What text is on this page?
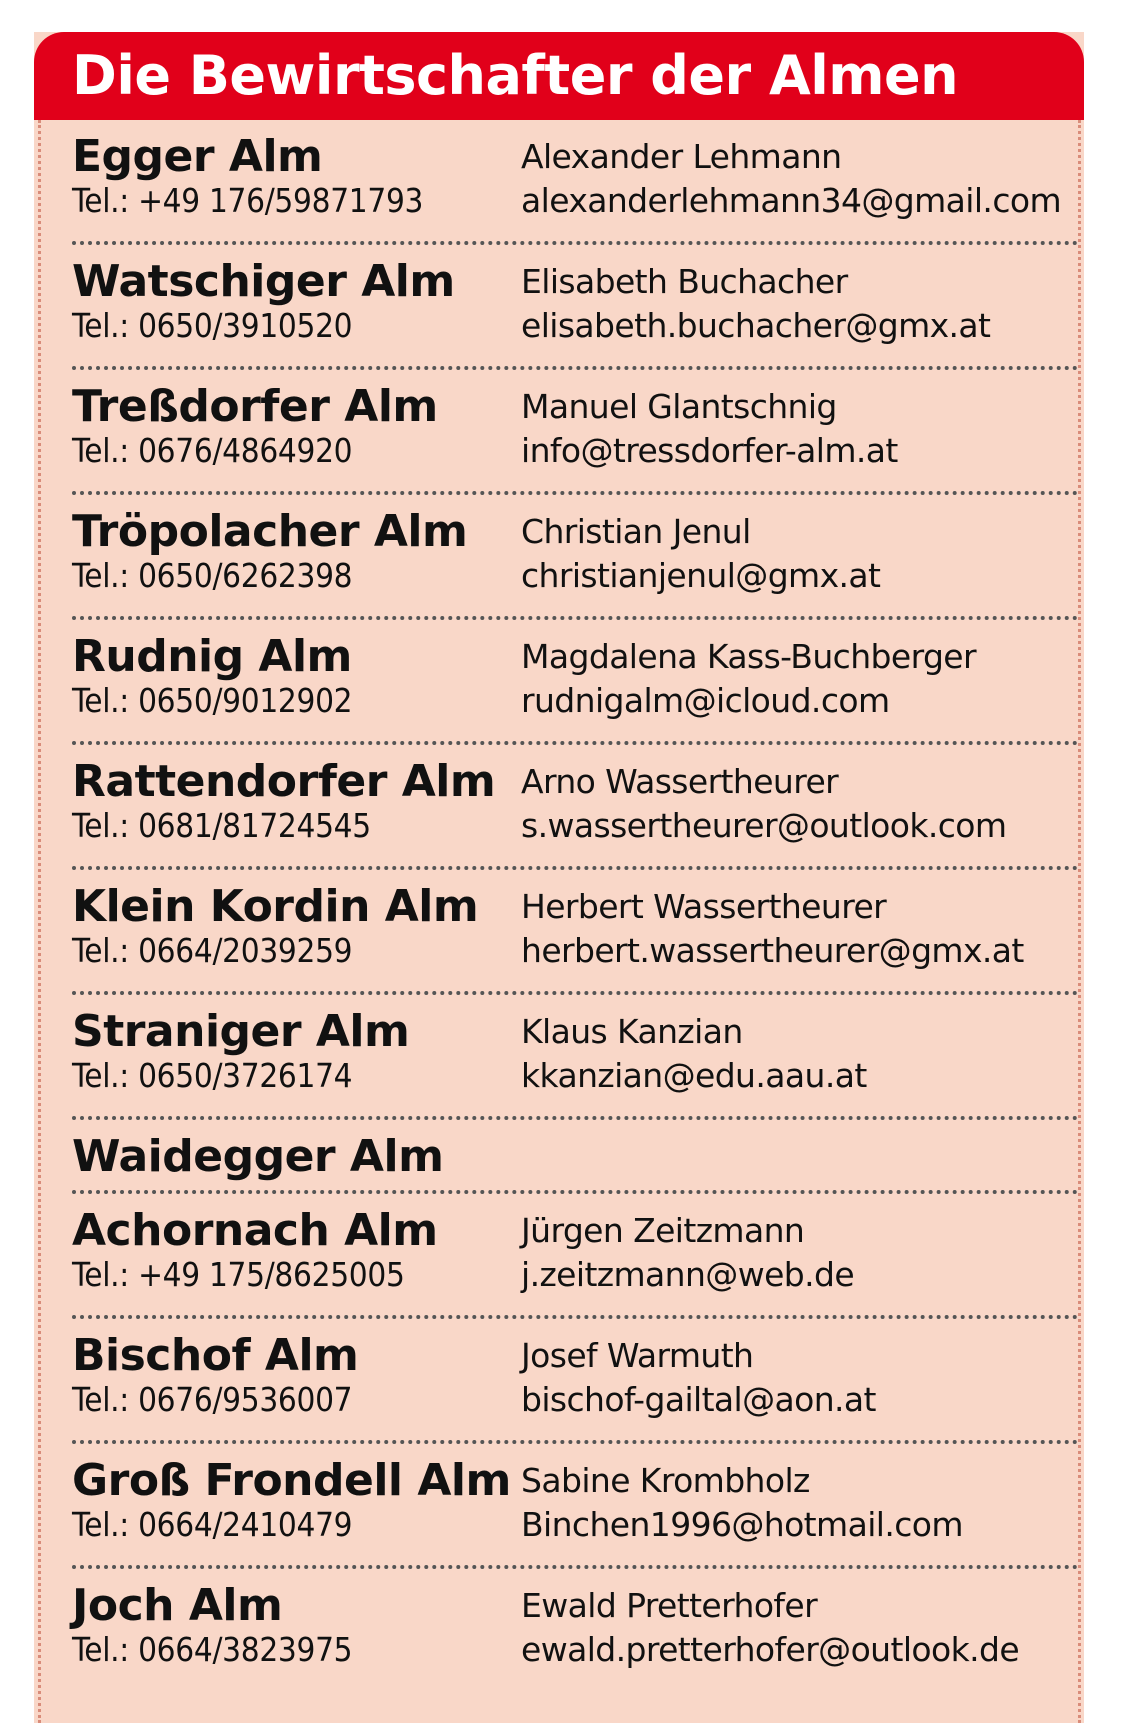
Die Bewirtschafter der Almen
Egger Alm
Tel.: +49 176/59871793
Alexander Lehmann
alexanderlehmann34@gmail.com
Watschiger Alm
Tel.: 0650/3910520
Elisabeth Buchacher
elisabeth.buchacher@gmx.at
Treßdorfer Alm
Tel.: 0676/4864920
Manuel Glantschnig
info@tressdorfer-alm.at
Tröpolacher Alm
Tel.: 0650/6262398
Christian Jenul
christianjenul@gmx.at
Rudnig Alm
Tel.: 0650/9012902
Magdalena Kass-Buchberger
rudnigalm@icloud.com
Rattendorfer Alm
Tel.: 0681/81724545
Arno Wassertheurer
s.wassertheurer@outlook.com
Klein Kordin Alm
Tel.: 0664/2039259
Herbert Wassertheurer
herbert.wassertheurer@gmx.at
Straniger Alm
Tel.: 0650/3726174
Klaus Kanzian
kkanzian@edu.aau.at
Waidegger Alm
Achornach Alm
Tel.: +49 175/8625005
Jürgen Zeitzmann
j.zeitzmann@web.de
Bischof Alm
Tel.: 0676/9536007
Josef Warmuth
bischof-gailtal@aon.at
Groß Frondell Alm
Tel.: 0664/2410479
Sabine Krombholz
Binchen1996@hotmail.com
Joch Alm
Tel.: 0664/3823975
Ewald Pretterhofer
ewald.pretterhofer@outlook.de
